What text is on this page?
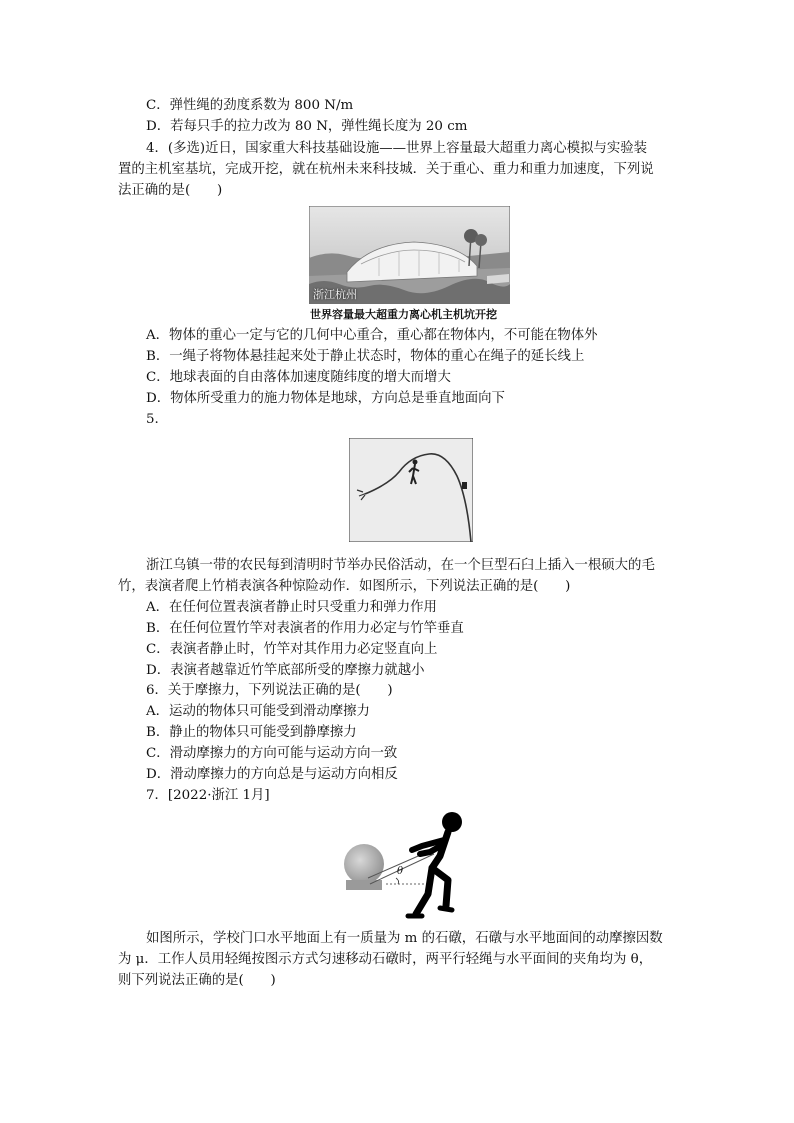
C．弹性绳的劲度系数为 800 N/m
D．若每只手的拉力改为 80 N，弹性绳长度为 20 cm
4．(多选)近日，国家重大科技基础设施——世界上容量最大超重力离心模拟与实验装
置的主机室基坑，完成开挖，就在杭州未来科技城．关于重心、重力和重力加速度，下列说
法正确的是(　　)
浙江杭州
世界容量最大超重力离心机主机坑开挖
A．物体的重心一定与它的几何中心重合，重心都在物体内，不可能在物体外
B．一绳子将物体悬挂起来处于静止状态时，物体的重心在绳子的延长线上
C．地球表面的自由落体加速度随纬度的增大而增大
D．物体所受重力的施力物体是地球，方向总是垂直地面向下
5.
浙江乌镇一带的农民每到清明时节举办民俗活动，在一个巨型石臼上插入一根硕大的毛
竹，表演者爬上竹梢表演各种惊险动作．如图所示，下列说法正确的是(　　)
A．在任何位置表演者静止时只受重力和弹力作用
B．在任何位置竹竿对表演者的作用力必定与竹竿垂直
C．表演者静止时，竹竿对其作用力必定竖直向上
D．表演者越靠近竹竿底部所受的摩擦力就越小
6．关于摩擦力，下列说法正确的是(　　)
A．运动的物体只可能受到滑动摩擦力
B．静止的物体只可能受到静摩擦力
C．滑动摩擦力的方向可能与运动方向一致
D．滑动摩擦力的方向总是与运动方向相反
7．[2022·浙江 1月]
θ
如图所示，学校门口水平地面上有一质量为 m 的石礅，石礅与水平地面间的动摩擦因数
为 μ．工作人员用轻绳按图示方式匀速移动石礅时，两平行轻绳与水平面间的夹角均为 θ，
则下列说法正确的是(　　)
